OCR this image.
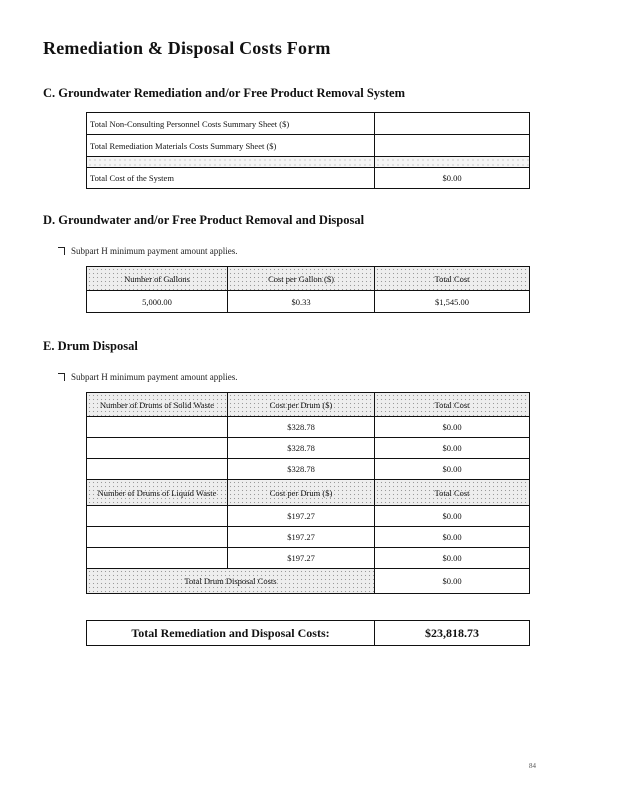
Remediation & Disposal Costs Form
C. Groundwater Remediation and/or Free Product Removal System
Total Non-Consulting Personnel Costs Summary Sheet ($)	
Total Remediation Materials Costs Summary Sheet ($)	

Total Cost of the System	$0.00
D. Groundwater and/or Free Product Removal and Disposal
Subpart H minimum payment amount applies.
Number of Gallons	Cost per Gallon ($)	Total Cost
5,000.00	$0.33	$1,545.00
E. Drum Disposal
Subpart H minimum payment amount applies.
Number of Drums of Solid Waste	Cost per Drum ($)	Total Cost
	$328.78	$0.00
	$328.78	$0.00
	$328.78	$0.00
Number of Drums of Liquid Waste	Cost per Drum ($)	Total Cost
	$197.27	$0.00
	$197.27	$0.00
	$197.27	$0.00
Total Drum Disposal Costs		$0.00
Total Remediation and Disposal Costs:	$23,818.73
84
